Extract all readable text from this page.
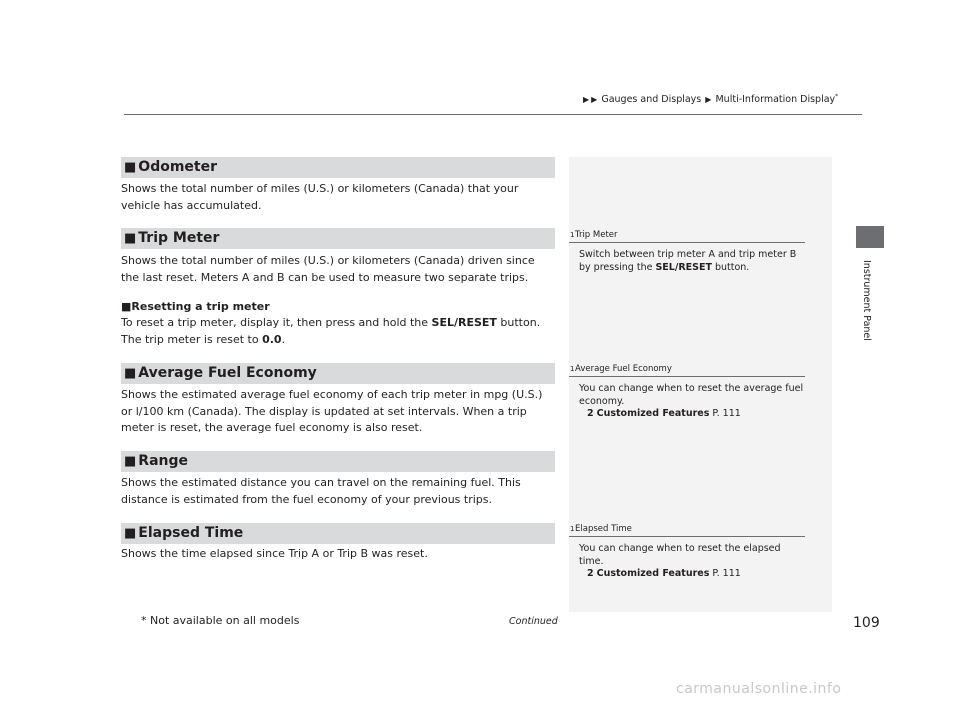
▶ ▶ Gauges and Displays ▶ Multi-Information Display*
Instrument Panel
■ Odometer
Shows the total number of miles (U.S.) or kilometers (Canada) that your vehicle has accumulated.
■ Trip Meter
Shows the total number of miles (U.S.) or kilometers (Canada) driven since the last reset. Meters A and B can be used to measure two separate trips.
■Resetting a trip meter
To reset a trip meter, display it, then press and hold the SEL/RESET button. The trip meter is reset to 0.0.
■ Average Fuel Economy
Shows the estimated average fuel economy of each trip meter in mpg (U.S.) or l/100 km (Canada). The display is updated at set intervals. When a trip meter is reset, the average fuel economy is also reset.
■ Range
Shows the estimated distance you can travel on the remaining fuel. This distance is estimated from the fuel economy of your previous trips.
■ Elapsed Time
Shows the time elapsed since Trip A or Trip B was reset.
1Trip Meter
Switch between trip meter A and trip meter B by pressing the SEL/RESET button.
1Average Fuel Economy
You can change when to reset the average fuel economy.
2 Customized Features P. 111
1Elapsed Time
You can change when to reset the elapsed time.
2 Customized Features P. 111
* Not available on all models	Continued	109
carmanualsonline.info
